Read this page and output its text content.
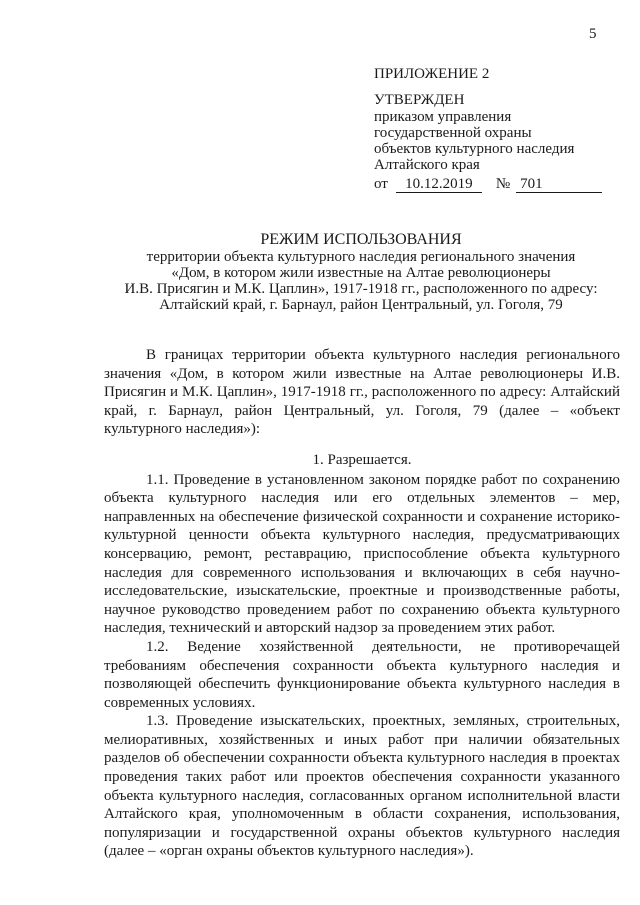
5
ПРИЛОЖЕНИЕ 2
УТВЕРЖДЕН
приказом управления
государственной охраны
объектов культурного наследия
Алтайского края
от 10.12.2019 № 701
РЕЖИМ ИСПОЛЬЗОВАНИЯ
территории объекта культурного наследия регионального значения
«Дом, в котором жили известные на Алтае революционеры
И.В. Присягин и М.К. Цаплин», 1917-1918 гг., расположенного по адресу:
Алтайский край, г. Барнаул, район Центральный, ул. Гоголя, 79

В границах территории объекта культурного наследия регионального значения «Дом, в котором жили известные на Алтае революционеры И.В. Присягин и М.К. Цаплин», 1917-1918 гг., расположенного по адресу: Алтайский край, г. Барнаул, район Центральный, ул. Гоголя, 79 (далее – «объект культурного наследия»):

1. Разрешается.

1.1. Проведение в установленном законом порядке работ по сохранению объекта культурного наследия или его отдельных элементов – мер, направленных на обеспечение физической сохранности и сохранение историко-культурной ценности объекта культурного наследия, предусматривающих консервацию, ремонт, реставрацию, приспособление объекта культурного наследия для современного использования и включающих в себя научно-исследовательские, изыскательские, проектные и производственные работы, научное руководство проведением работ по сохранению объекта культурного наследия, технический и авторский надзор за проведением этих работ.

1.2. Ведение хозяйственной деятельности, не противоречащей требованиям обеспечения сохранности объекта культурного наследия и позволяющей обеспечить функционирование объекта культурного наследия в современных условиях.

1.3. Проведение изыскательских, проектных, земляных, строительных, мелиоративных, хозяйственных и иных работ при наличии обязательных разделов об обеспечении сохранности объекта культурного наследия в проектах проведения таких работ или проектов обеспечения сохранности указанного объекта культурного наследия, согласованных органом исполнительной власти Алтайского края, уполномоченным в области сохранения, использования, популяризации и государственной охраны объектов культурного наследия (далее – «орган охраны объектов культурного наследия»).
